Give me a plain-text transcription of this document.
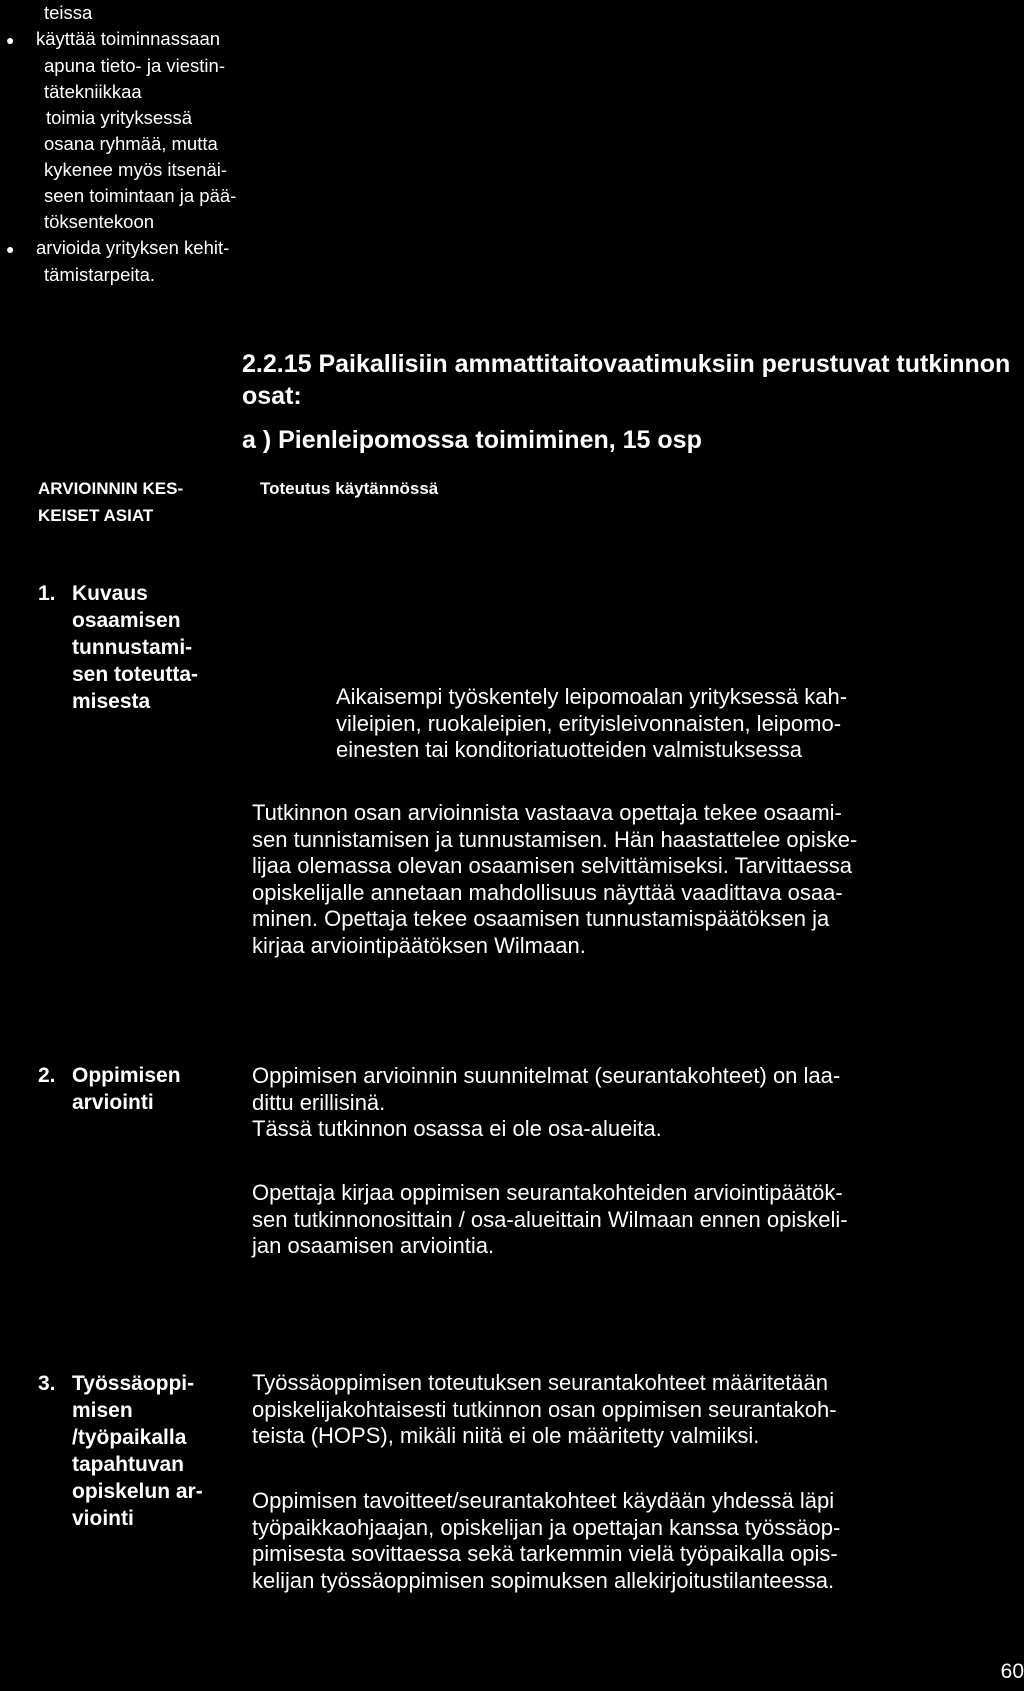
teissa
● käyttää toiminnassaan
apuna tieto- ja viestin-
tätekniikkaa
toimia yrityksessä
osana ryhmää, mutta
kykenee myös itsenäi-
seen toimintaan ja pää-
töksentekoon
● arvioida yrityksen kehit-
tämistarpeita.
2.2.15 Paikallisiin ammattitaitovaatimuksiin perustuvat tutkinnon osat:
a ) Pienleipomossa toimiminen, 15 osp
ARVIOINNIN KES-
KEISET ASIAT
Toteutus käytännössä
1. Kuvaus
osaamisen
tunnustami-
sen toteutta-
misesta	Aikaisempi työskentely leipomoalan yrityksessä kah-

vileipien, ruokaleipien, erityisleivonnaisten, leipomo-

einesten tai konditoriatuotteiden valmistuksessa

Tutkinnon osan arvioinnista vastaava opettaja tekee osaami-

sen tunnistamisen ja tunnustamisen. Hän haastattelee opiske-

lijaa olemassa olevan osaamisen selvittämiseksi. Tarvittaessa

opiskelijalle annetaan mahdollisuus näyttää vaadittava osaa-

minen. Opettaja tekee osaamisen tunnustamispäätöksen ja

kirjaa arviointipäätöksen Wilmaan.

2. Oppimisen
arviointi

Oppimisen arvioinnin suunnitelmat (seurantakohteet) on laa-

dittu erillisinä.

Tässä tutkinnon osassa ei ole osa-alueita.

Opettaja kirjaa oppimisen seurantakohteiden arviointipäätök-

sen tutkinnonosittain / osa-alueittain Wilmaan ennen opiskeli-

jan osaamisen arviointia.

3. Työssäoppi-
misen
/työpaikalla
tapahtuvan
opiskelun ar-
viointi

Työssäoppimisen toteutuksen seurantakohteet määritetään

opiskelijakohtaisesti tutkinnon osan oppimisen seurantakoh-

teista (HOPS), mikäli niitä ei ole määritetty valmiiksi.

Oppimisen tavoitteet/seurantakohteet käydään yhdessä läpi

työpaikkaohjaajan, opiskelijan ja opettajan kanssa työssäop-

pimisesta sovittaessa sekä tarkemmin vielä työpaikalla opis-

kelijan työssäoppimisen sopimuksen allekirjoitustilanteessa.

60
